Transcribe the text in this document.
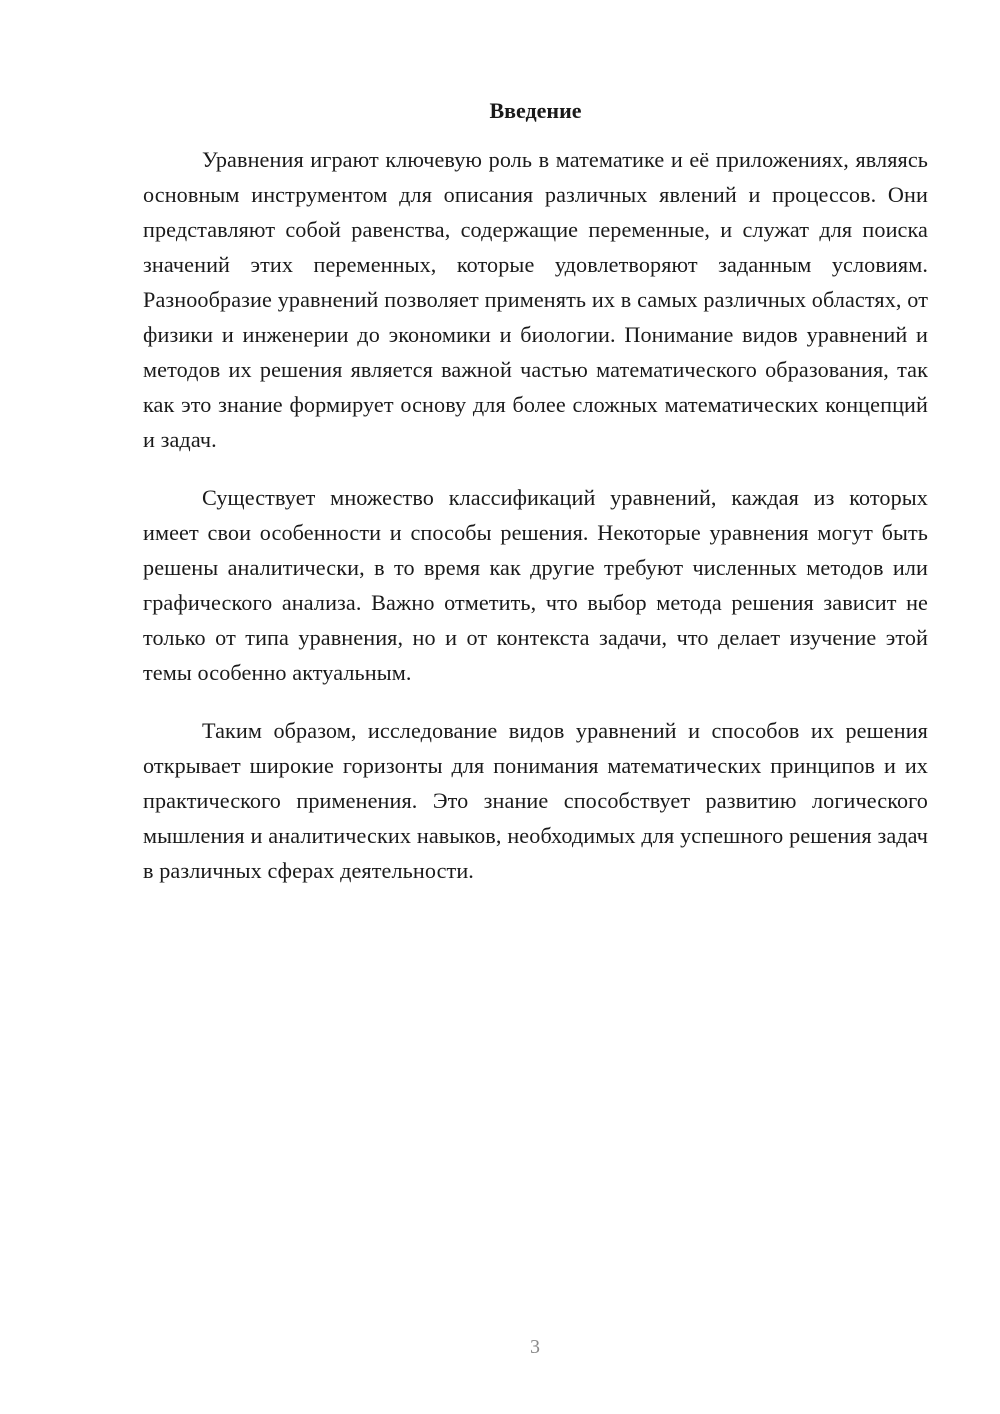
Введение

Уравнения играют ключевую роль в математике и её приложениях, являясь основным инструментом для описания различных явлений и процессов. Они представляют собой равенства, содержащие переменные, и служат для поиска значений этих переменных, которые удовлетворяют заданным условиям. Разнообразие уравнений позволяет применять их в самых различных областях, от физики и инженерии до экономики и биологии. Понимание видов уравнений и методов их решения является важной частью математического образования, так как это знание формирует основу для более сложных математических концепций и задач.

Существует множество классификаций уравнений, каждая из которых имеет свои особенности и способы решения. Некоторые уравнения могут быть решены аналитически, в то время как другие требуют численных методов или графического анализа. Важно отметить, что выбор метода решения зависит не только от типа уравнения, но и от контекста задачи, что делает изучение этой темы особенно актуальным.

Таким образом, исследование видов уравнений и способов их решения открывает широкие горизонты для понимания математических принципов и их практического применения. Это знание способствует развитию логического мышления и аналитических навыков, необходимых для успешного решения задач в различных сферах деятельности.

3
